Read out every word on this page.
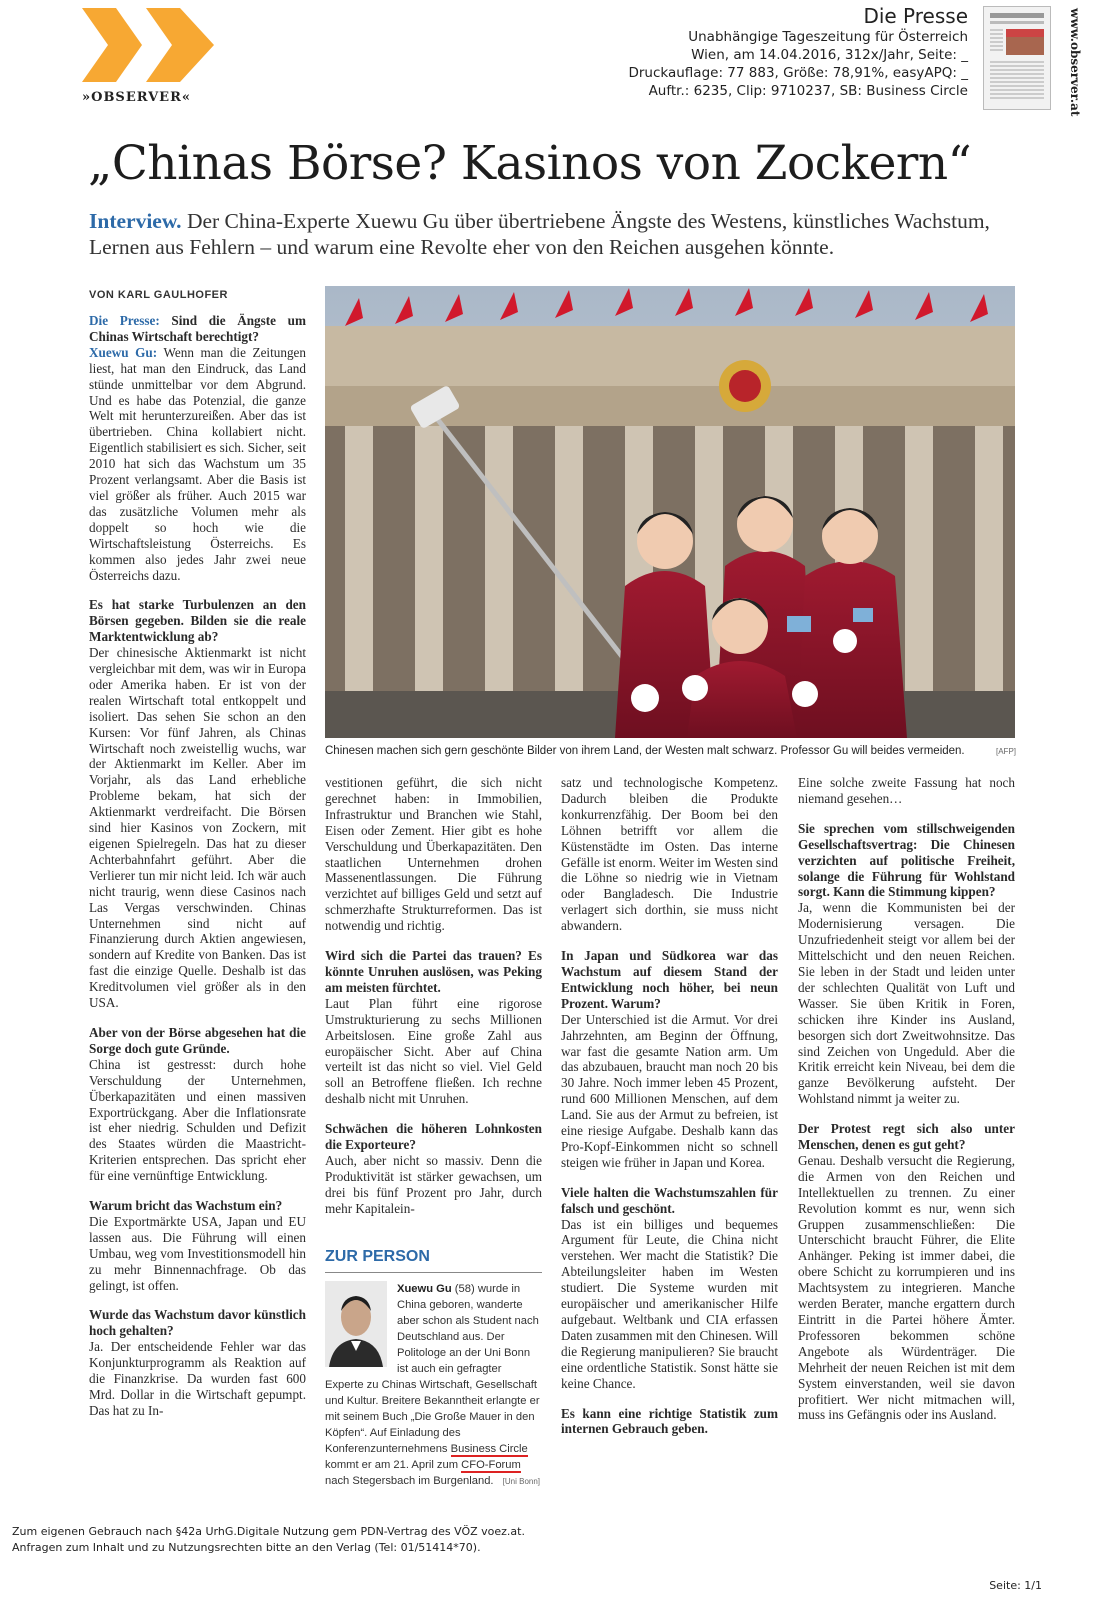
»OBSERVER«
Die Presse
Unabhängige Tageszeitung für Österreich
Wien, am 14.04.2016, 312x/Jahr, Seite: _
Druckauflage: 77 883, Größe: 78,91%, easyAPQ: _
Auftr.: 6235, Clip: 9710237, SB: Business Circle	www.observer.at
„Chinas Börse? Kasinos von Zockern“
Interview. Der China-Experte Xuewu Gu über übertriebene Ängste des Westens, künstliches Wachstum, Lernen aus Fehlern – und warum eine Revolte eher von den Reichen ausgehen könnte.
VON KARL GAULHOFER
Chinesen machen sich gern geschönte Bilder von ihrem Land, der Westen malt schwarz. Professor Gu will beides vermeiden.	[AFP]

Die Presse: Sind die Ängste um Chinas Wirtschaft berechtigt?

Xuewu Gu: Wenn man die Zeitungen liest, hat man den Eindruck, das Land stünde unmittelbar vor dem Abgrund. Und es habe das Potenzial, die ganze Welt mit herunterzureißen. Aber das ist übertrieben. China kollabiert nicht. Eigentlich stabilisiert es sich. Sicher, seit 2010 hat sich das Wachstum um 35 Prozent verlangsamt. Aber die Basis ist viel größer als früher. Auch 2015 war das zusätzliche Volumen mehr als doppelt so hoch wie die Wirtschaftsleistung Österreichs. Es kommen also jedes Jahr zwei neue Österreichs dazu.

Es hat starke Turbulenzen an den Börsen gegeben. Bilden sie die reale Marktentwicklung ab?

Der chinesische Aktienmarkt ist nicht vergleichbar mit dem, was wir in Europa oder Amerika haben. Er ist von der realen Wirtschaft total entkoppelt und isoliert. Das sehen Sie schon an den Kursen: Vor fünf Jahren, als Chinas Wirtschaft noch zweistellig wuchs, war der Aktienmarkt im Keller. Aber im Vorjahr, als das Land erhebliche Probleme bekam, hat sich der Aktienmarkt verdreifacht. Die Börsen sind hier Kasinos von Zockern, mit eigenen Spielregeln. Das hat zu dieser Achterbahnfahrt geführt. Aber die Verlierer tun mir nicht leid. Ich wär auch nicht traurig, wenn diese Casinos nach Las Vergas verschwinden. Chinas Unternehmen sind nicht auf Finanzierung durch Aktien angewiesen, sondern auf Kredite von Banken. Das ist fast die einzige Quelle. Deshalb ist das Kreditvolumen viel größer als in den USA.

Aber von der Börse abgesehen hat die Sorge doch gute Gründe.

China ist gestresst: durch hohe Verschuldung der Unternehmen, Überkapazitäten und einen massiven Exportrückgang. Aber die Inflationsrate ist eher niedrig. Schulden und Defizit des Staates würden die Maastricht-Kriterien entsprechen. Das spricht eher für eine vernünftige Entwicklung.

Warum bricht das Wachstum ein?

Die Exportmärkte USA, Japan und EU lassen aus. Die Führung will einen Umbau, weg vom Investitionsmodell hin zu mehr Binnennachfrage. Ob das gelingt, ist offen.

Wurde das Wachstum davor künstlich hoch gehalten?

Ja. Der entscheidende Fehler war das Konjunkturprogramm als Reaktion auf die Finanzkrise. Da wurden fast 600 Mrd. Dollar in die Wirtschaft gepumpt. Das hat zu In-

vestitionen geführt, die sich nicht gerechnet haben: in Immobilien, Infrastruktur und Branchen wie Stahl, Eisen oder Zement. Hier gibt es hohe Verschuldung und Überkapazitäten. Den staatlichen Unternehmen drohen Massenentlassungen. Die Führung verzichtet auf billiges Geld und setzt auf schmerzhafte Strukturreformen. Das ist notwendig und richtig.

Wird sich die Partei das trauen? Es könnte Unruhen auslösen, was Peking am meisten fürchtet.

Laut Plan führt eine rigorose Umstrukturierung zu sechs Millionen Arbeitslosen. Eine große Zahl aus europäischer Sicht. Aber auf China verteilt ist das nicht so viel. Viel Geld soll an Betroffene fließen. Ich rechne deshalb nicht mit Unruhen.

Schwächen die höheren Lohnkosten die Exporteure?

Auch, aber nicht so massiv. Denn die Produktivität ist stärker gewachsen, um drei bis fünf Prozent pro Jahr, durch mehr Kapitalein-

ZUR PERSON
Xuewu Gu (58) wurde in China geboren, wanderte aber schon als Student nach Deutschland aus. Der Politologe an der Uni Bonn ist auch ein gefragter Experte zu Chinas Wirtschaft, Gesellschaft und Kultur. Breitere Bekanntheit erlangte er mit seinem Buch „Die Große Mauer in den Köpfen“. Auf Einladung des Konferenzunternehmens Business Circle kommt er am 21. April zum CFO-Forum nach Stegersbach im Burgenland. [Uni Bonn]

satz und technologische Kompetenz. Dadurch bleiben die Produkte konkurrenzfähig. Der Boom bei den Löhnen betrifft vor allem die Küstenstädte im Osten. Das interne Gefälle ist enorm. Weiter im Westen sind die Löhne so niedrig wie in Vietnam oder Bangladesch. Die Industrie verlagert sich dorthin, sie muss nicht abwandern.

In Japan und Südkorea war das Wachstum auf diesem Stand der Entwicklung noch höher, bei neun Prozent. Warum?

Der Unterschied ist die Armut. Vor drei Jahrzehnten, am Beginn der Öffnung, war fast die gesamte Nation arm. Um das abzubauen, braucht man noch 20 bis 30 Jahre. Noch immer leben 45 Prozent, rund 600 Millionen Menschen, auf dem Land. Sie aus der Armut zu befreien, ist eine riesige Aufgabe. Deshalb kann das Pro-Kopf-Einkommen nicht so schnell steigen wie früher in Japan und Korea.

Viele halten die Wachstumszahlen für falsch und geschönt.

Das ist ein billiges und bequemes Argument für Leute, die China nicht verstehen. Wer macht die Statistik? Die Abteilungsleiter haben im Westen studiert. Die Systeme wurden mit europäischer und amerikanischer Hilfe aufgebaut. Weltbank und CIA erfassen Daten zusammen mit den Chinesen. Will die Regierung manipulieren? Sie braucht eine ordentliche Statistik. Sonst hätte sie keine Chance.

Es kann eine richtige Statistik zum internen Gebrauch geben.

Eine solche zweite Fassung hat noch niemand gesehen…

Sie sprechen vom stillschweigenden Gesellschaftsvertrag: Die Chinesen verzichten auf politische Freiheit, solange die Führung für Wohlstand sorgt. Kann die Stimmung kippen?

Ja, wenn die Kommunisten bei der Modernisierung versagen. Die Unzufriedenheit steigt vor allem bei der Mittelschicht und den neuen Reichen. Sie leben in der Stadt und leiden unter der schlechten Qualität von Luft und Wasser. Sie üben Kritik in Foren, schicken ihre Kinder ins Ausland, besorgen sich dort Zweitwohnsitze. Das sind Zeichen von Ungeduld. Aber die Kritik erreicht kein Niveau, bei dem die ganze Bevölkerung aufsteht. Der Wohlstand nimmt ja weiter zu.

Der Protest regt sich also unter Menschen, denen es gut geht?

Genau. Deshalb versucht die Regierung, die Armen von den Reichen und Intellektuellen zu trennen. Zu einer Revolution kommt es nur, wenn sich Gruppen zusammenschließen: Die Unterschicht braucht Führer, die Elite Anhänger. Peking ist immer dabei, die obere Schicht zu korrumpieren und ins Machtsystem zu integrieren. Manche werden Berater, manche ergattern durch Eintritt in die Partei höhere Ämter. Professoren bekommen schöne Angebote als Würdenträger. Die Mehrheit der neuen Reichen ist mit dem System einverstanden, weil sie davon profitiert. Wer nicht mitmachen will, muss ins Gefängnis oder ins Ausland.

Zum eigenen Gebrauch nach §42a UrhG.Digitale Nutzung gem PDN-Vertrag des VÖZ voez.at.
Anfragen zum Inhalt und zu Nutzungsrechten bitte an den Verlag (Tel: 01/51414*70).
Seite: 1/1
